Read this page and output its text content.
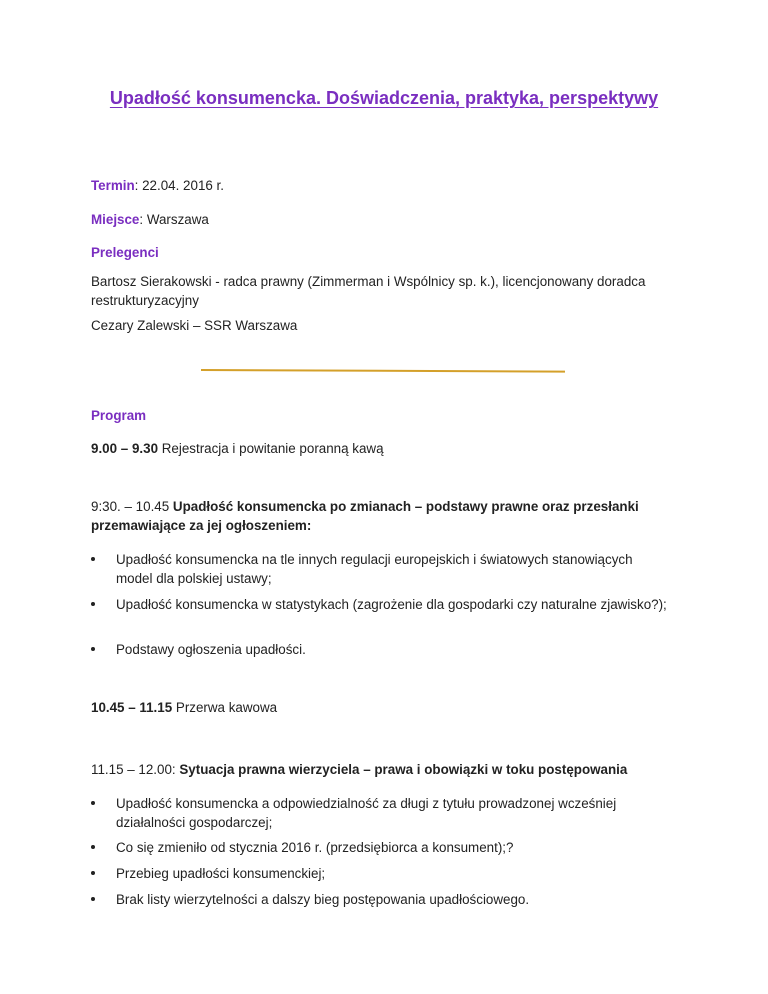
Upadłość konsumencka. Doświadczenia, praktyka, perspektywy

Termin: 22.04. 2016 r.

Miejsce: Warszawa

Prelegenci

Bartosz Sierakowski - radca prawny (Zimmerman i Wspólnicy sp. k.), licencjonowany doradca restrukturyzacyjny

Cezary Zalewski – SSR Warszawa

Program

9.00 – 9.30 Rejestracja i powitanie poranną kawą

9:30. – 10.45 Upadłość konsumencka po zmianach – podstawy prawne oraz przesłanki przemawiające za jej ogłoszeniem:

Upadłość konsumencka na tle innych regulacji europejskich i światowych stanowiących model dla polskiej ustawy;
Upadłość konsumencka w statystykach (zagrożenie dla gospodarki czy naturalne zjawisko?);
Podstawy ogłoszenia upadłości.

10.45 – 11.15 Przerwa kawowa

11.15 – 12.00: Sytuacja prawna wierzyciela – prawa i obowiązki w toku postępowania

Upadłość konsumencka a odpowiedzialność za długi z tytułu prowadzonej wcześniej działalności gospodarczej;
Co się zmieniło od stycznia 2016 r. (przedsiębiorca a konsument);?
Przebieg upadłości konsumenckiej;
Brak listy wierzytelności a dalszy bieg postępowania upadłościowego.
